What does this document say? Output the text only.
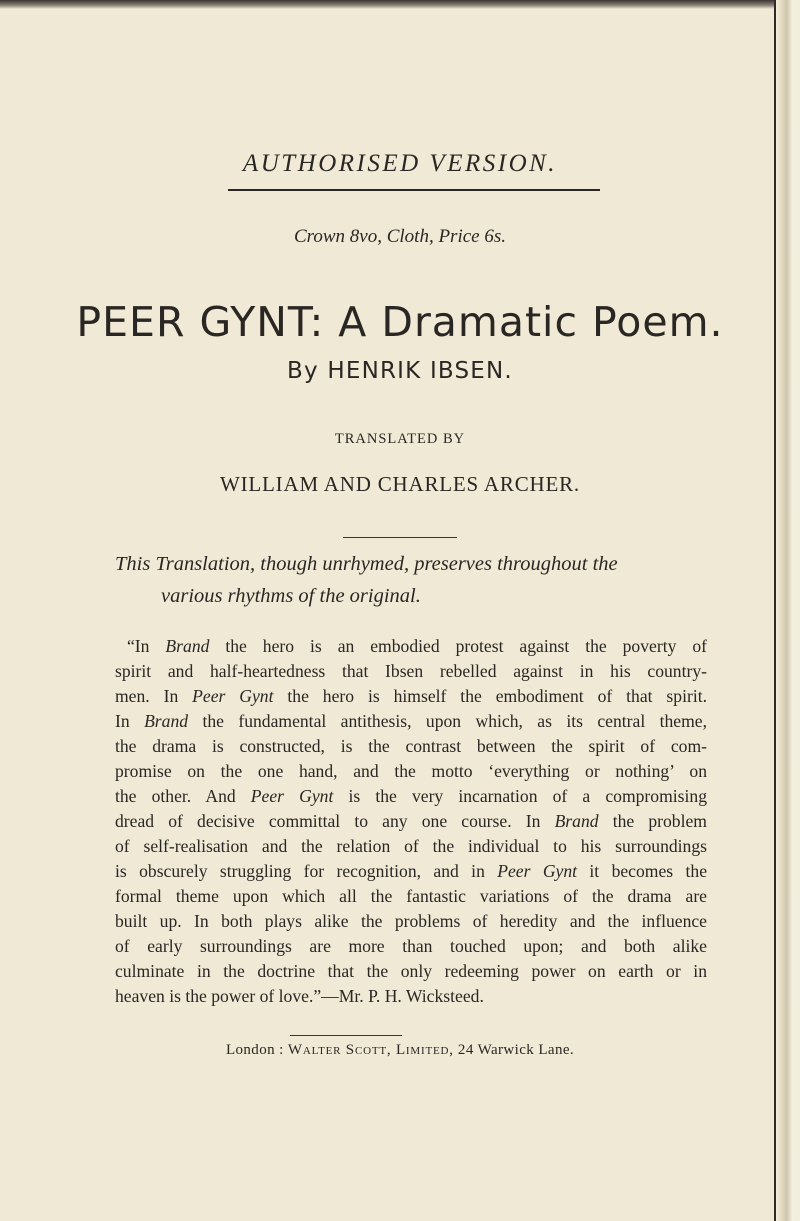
AUTHORISED VERSION.
Crown 8vo, Cloth, Price 6s.
PEER GYNT: A Dramatic Poem.
By HENRIK IBSEN.
TRANSLATED BY
WILLIAM AND CHARLES ARCHER.
This Translation, though unrhymed, preserves throughout the
various rhythms of the original.
“In Brand the hero is an embodied protest against the poverty of
spirit and half-heartedness that Ibsen rebelled against in his country-
men. In Peer Gynt the hero is himself the embodiment of that spirit.
In Brand the fundamental antithesis, upon which, as its central theme,
the drama is constructed, is the contrast between the spirit of com-
promise on the one hand, and the motto ‘everything or nothing’ on
the other. And Peer Gynt is the very incarnation of a compromising
dread of decisive committal to any one course. In Brand the problem
of self-realisation and the relation of the individual to his surroundings
is obscurely struggling for recognition, and in Peer Gynt it becomes the
formal theme upon which all the fantastic variations of the drama are
built up. In both plays alike the problems of heredity and the influence
of early surroundings are more than touched upon; and both alike
culminate in the doctrine that the only redeeming power on earth or in
heaven is the power of love.”—Mr. P. H. Wicksteed.
London : Walter Scott, Limited, 24 Warwick Lane.
